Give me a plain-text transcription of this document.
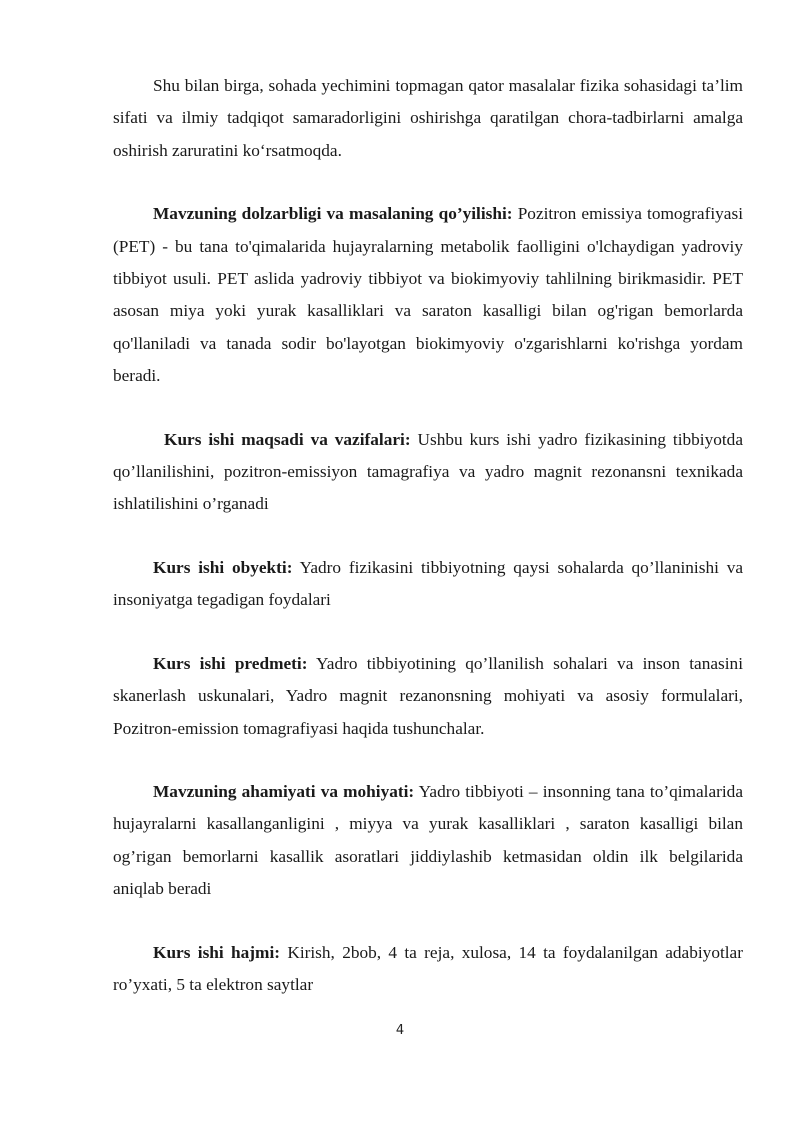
Shu bilan birga, sohada yechimini topmagan qator masalalar fizika sohasidagi ta’lim sifati va ilmiy tadqiqot samaradorligini oshirishga qaratilgan chora-tadbirlarni amalga oshirish zaruratini ko‘rsatmoqda.

Mavzuning dolzarbligi va masalaning qo’yilishi: Pozitron emissiya tomografiyasi (PET) - bu tana to'qimalarida hujayralarning metabolik faolligini o'lchaydigan yadroviy tibbiyot usuli. PET aslida yadroviy tibbiyot va biokimyoviy tahlilning birikmasidir. PET asosan miya yoki yurak kasalliklari va saraton kasalligi bilan og'rigan bemorlarda qo'llaniladi va tanada sodir bo'layotgan biokimyoviy o'zgarishlarni ko'rishga yordam beradi.

Kurs ishi maqsadi va vazifalari: Ushbu kurs ishi yadro fizikasining tibbiyotda qo’llanilishini, pozitron-emissiyon tamagrafiya va yadro magnit rezonansni texnikada ishlatilishini o’rganadi

Kurs ishi obyekti: Yadro fizikasini tibbiyotning qaysi sohalarda qo’llaninishi va insoniyatga tegadigan foydalari

Kurs ishi predmeti: Yadro tibbiyotining qo’llanilish sohalari va inson tanasini skanerlash uskunalari, Yadro magnit rezanonsning mohiyati va asosiy formulalari, Pozitron-emission tomagrafiyasi haqida tushunchalar.

Mavzuning ahamiyati va mohiyati: Yadro tibbiyoti – insonning tana to’qimalarida hujayralarni kasallanganligini , miyya va yurak kasalliklari , saraton kasalligi bilan og’rigan bemorlarni kasallik asoratlari jiddiylashib ketmasidan oldin ilk belgilarida aniqlab beradi

Kurs ishi hajmi: Kirish, 2bob, 4 ta reja, xulosa, 14 ta foydalanilgan adabiyotlar ro’yxati, 5 ta elektron saytlar

4
